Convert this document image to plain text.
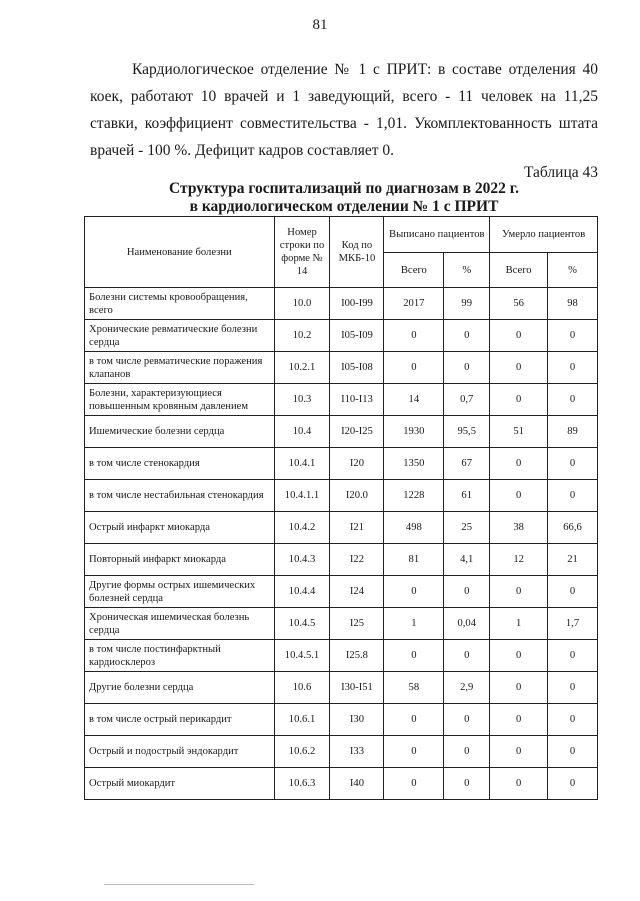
81

Кардиологическое отделение № 1 с ПРИТ: в составе отделения 40 коек, работают 10 врачей и 1 заведующий, всего - 11 человек на 11,25 ставки, коэффициент совместительства - 1,01. Укомплектованность штата врачей - 100 %. Дефицит кадров составляет 0.

Таблица 43
Структура госпитализаций по диагнозам в 2022 г.
в кардиологическом отделении № 1 с ПРИТ
Наименование болезни	Номер строки по форме № 14	Код по МКБ-10	Выписано пациентов		Умерло пациентов	
			Всего	%	Всего	%
Болезни системы кровообращения, всего	10.0	I00-I99	2017	99	56	98
Хронические ревматические болезни сердца	10.2	I05-I09	0	0	0	0
в том числе ревматические поражения клапанов	10.2.1	I05-I08	0	0	0	0
Болезни, характеризующиеся повышенным кровяным давлением	10.3	I10-I13	14	0,7	0	0
Ишемические болезни сердца	10.4	I20-I25	1930	95,5	51	89
в том числе стенокардия	10.4.1	I20	1350	67	0	0
в том числе нестабильная стенокардия	10.4.1.1	I20.0	1228	61	0	0
Острый инфаркт миокарда	10.4.2	I21	498	25	38	66,6
Повторный инфаркт миокарда	10.4.3	I22	81	4,1	12	21
Другие формы острых ишемических болезней сердца	10.4.4	I24	0	0	0	0
Хроническая ишемическая болезнь сердца	10.4.5	I25	1	0,04	1	1,7
в том числе постинфарктный кардиосклероз	10.4.5.1	I25.8	0	0	0	0
Другие болезни сердца	10.6	I30-I51	58	2,9	0	0
в том числе острый перикардит	10.6.1	I30	0	0	0	0
Острый и подострый эндокардит	10.6.2	I33	0	0	0	0
Острый миокардит	10.6.3	I40	0	0	0	0
